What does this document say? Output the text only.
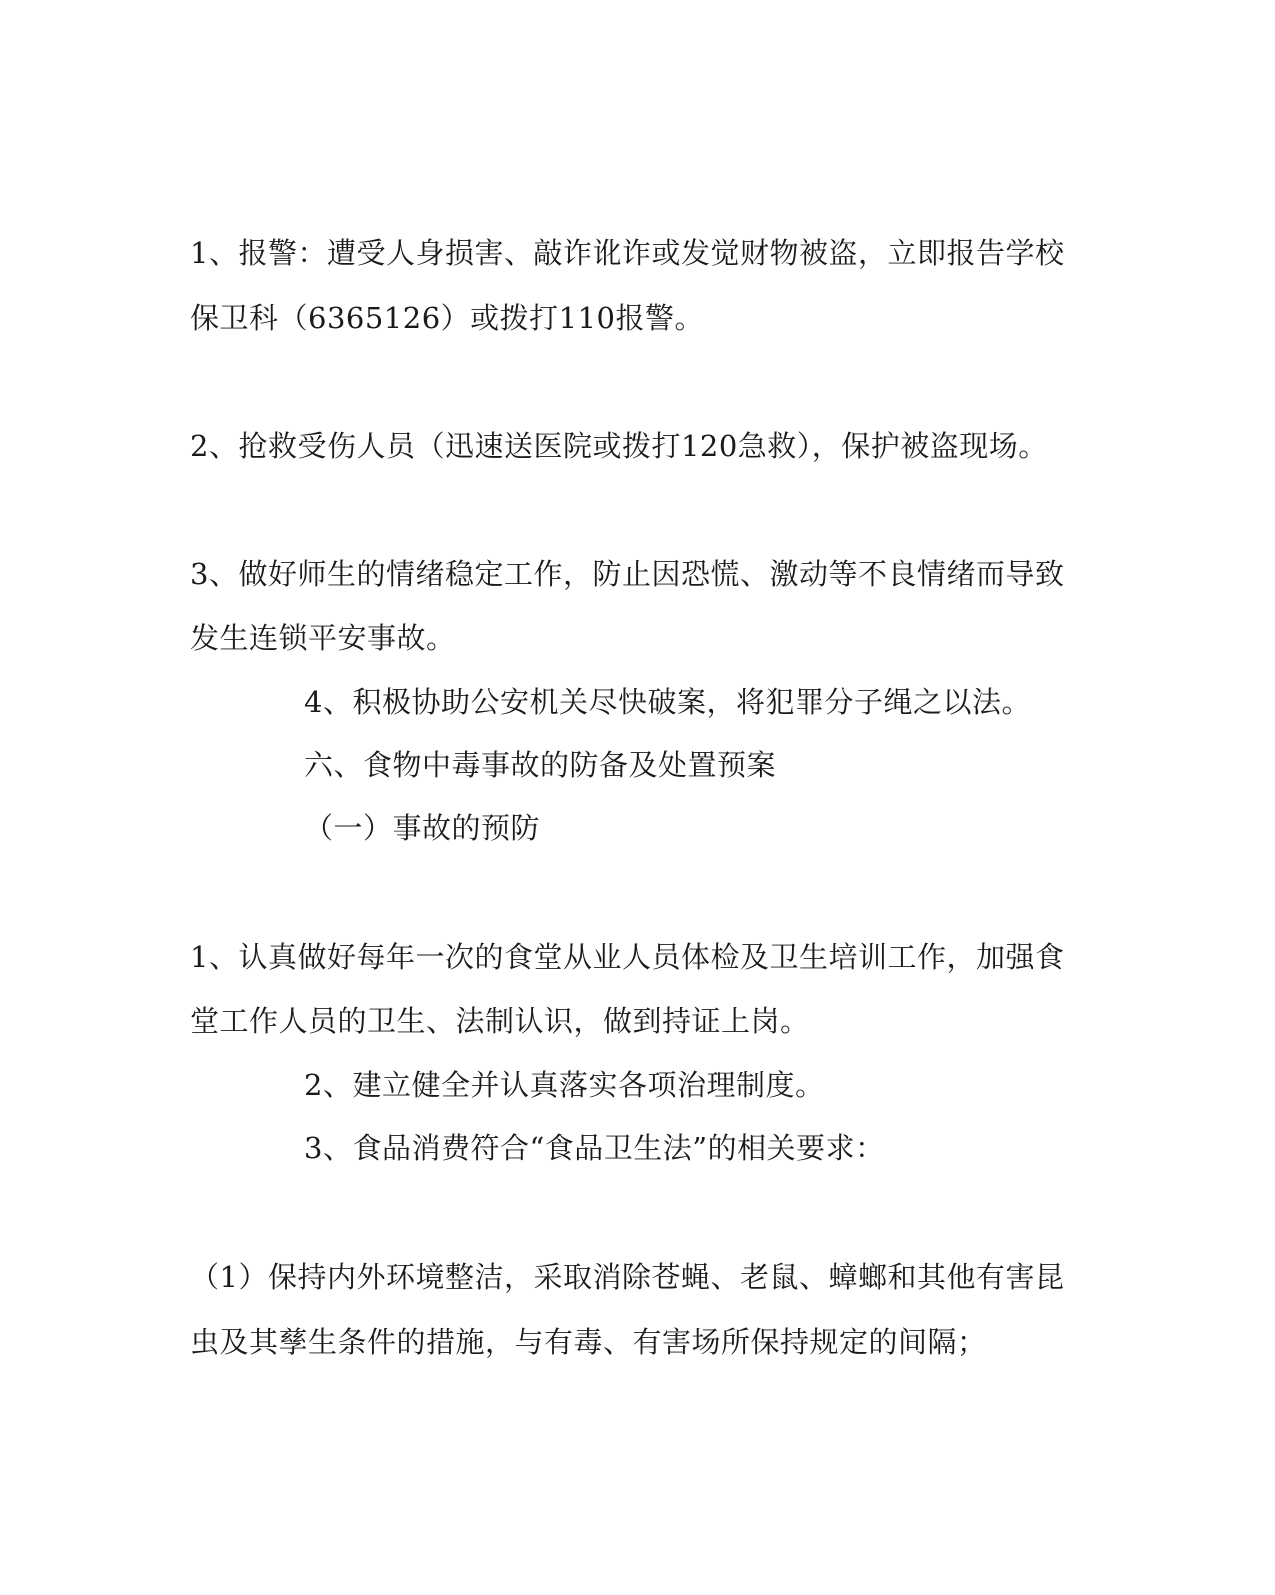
1、报警：遭受人身损害、敲诈讹诈或发觉财物被盗，立即报告学校
保卫科（6365126）或拨打110报警。
2、抢救受伤人员（迅速送医院或拨打120急救），保护被盗现场。
3、做好师生的情绪稳定工作，防止因恐慌、激动等不良情绪而导致
发生连锁平安事故。
4、积极协助公安机关尽快破案，将犯罪分子绳之以法。
六、食物中毒事故的防备及处置预案
（一）事故的预防
1、认真做好每年一次的食堂从业人员体检及卫生培训工作，加强食
堂工作人员的卫生、法制认识，做到持证上岗。
2、建立健全并认真落实各项治理制度。
3、食品消费符合“食品卫生法”的相关要求：
（1）保持内外环境整洁，采取消除苍蝇、老鼠、蟑螂和其他有害昆
虫及其孳生条件的措施，与有毒、有害场所保持规定的间隔；
